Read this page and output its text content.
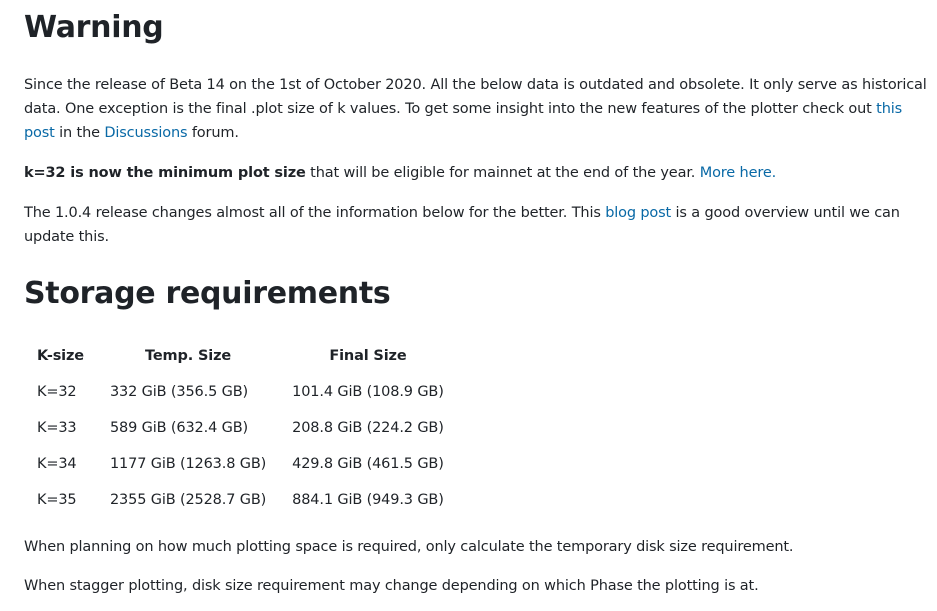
Warning

Since the release of Beta 14 on the 1st of October 2020. All the below data is outdated and obsolete. It only serve as historical data. One exception is the final .plot size of k values. To get some insight into the new features of the plotter check out this post in the Discussions forum.

k=32 is now the minimum plot size that will be eligible for mainnet at the end of the year. More here.

The 1.0.4 release changes almost all of the information below for the better. This blog post is a good overview until we can update this.

Storage requirements
K-size	Temp. Size	Final Size
K=32	332 GiB (356.5 GB)	101.4 GiB (108.9 GB)
K=33	589 GiB (632.4 GB)	208.8 GiB (224.2 GB)
K=34	1177 GiB (1263.8 GB)	429.8 GiB (461.5 GB)
K=35	2355 GiB (2528.7 GB)	884.1 GiB (949.3 GB)

When planning on how much plotting space is required, only calculate the temporary disk size requirement.

When stagger plotting, disk size requirement may change depending on which Phase the plotting is at.
